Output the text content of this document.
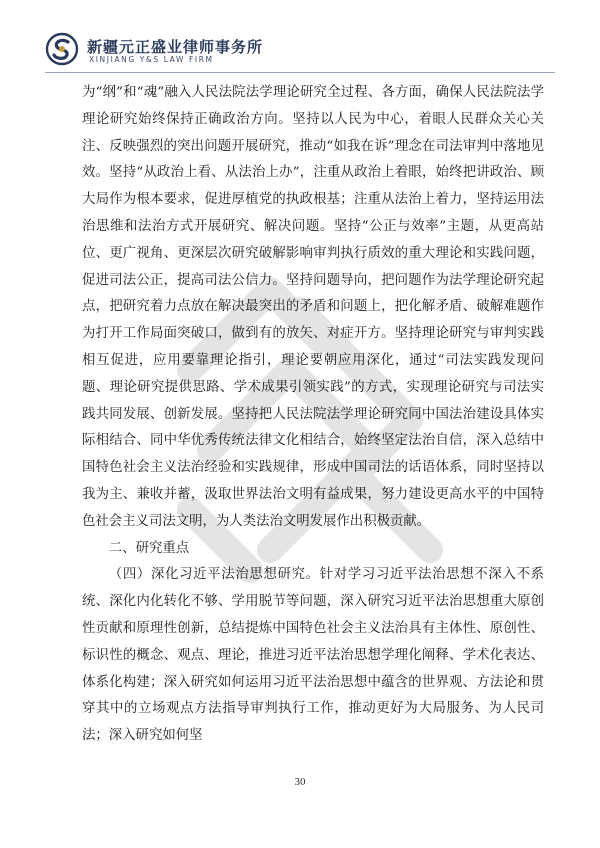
新疆元正盛业律师事务所
XINJIANG Y&S LAW FIRM

为“纲”和“魂”融入人民法院法学理论研究全过程、各方面，确保人民法院法学理论研究始终保持正确政治方向。坚持以人民为中心，着眼人民群众关心关注、反映强烈的突出问题开展研究，推动“如我在诉”理念在司法审判中落地见效。坚持“从政治上看、从法治上办”，注重从政治上着眼，始终把讲政治、顾大局作为根本要求，促进厚植党的执政根基；注重从法治上着力，坚持运用法治思维和法治方式开展研究、解决问题。坚持“公正与效率”主题，从更高站位、更广视角、更深层次研究破解影响审判执行质效的重大理论和实践问题，促进司法公正，提高司法公信力。坚持问题导向，把问题作为法学理论研究起点，把研究着力点放在解决最突出的矛盾和问题上，把化解矛盾、破解难题作为打开工作局面突破口，做到有的放矢、对症开方。坚持理论研究与审判实践相互促进，应用要靠理论指引，理论要朝应用深化，通过“司法实践发现问题、理论研究提供思路、学术成果引领实践”的方式，实现理论研究与司法实践共同发展、创新发展。坚持把人民法院法学理论研究同中国法治建设具体实际相结合、同中华优秀传统法律文化相结合，始终坚定法治自信，深入总结中国特色社会主义法治经验和实践规律，形成中国司法的话语体系，同时坚持以我为主、兼收并蓄，汲取世界法治文明有益成果，努力建设更高水平的中国特色社会主义司法文明，为人类法治文明发展作出积极贡献。

二、研究重点

（四）深化习近平法治思想研究。针对学习习近平法治思想不深入不系统、深化内化转化不够、学用脱节等问题，深入研究习近平法治思想重大原创性贡献和原理性创新，总结提炼中国特色社会主义法治具有主体性、原创性、标识性的概念、观点、理论，推进习近平法治思想学理化阐释、学术化表达、体系化构建；深入研究如何运用习近平法治思想中蕴含的世界观、方法论和贯穿其中的立场观点方法指导审判执行工作，推动更好为大局服务、为人民司法；深入研究如何坚

30
